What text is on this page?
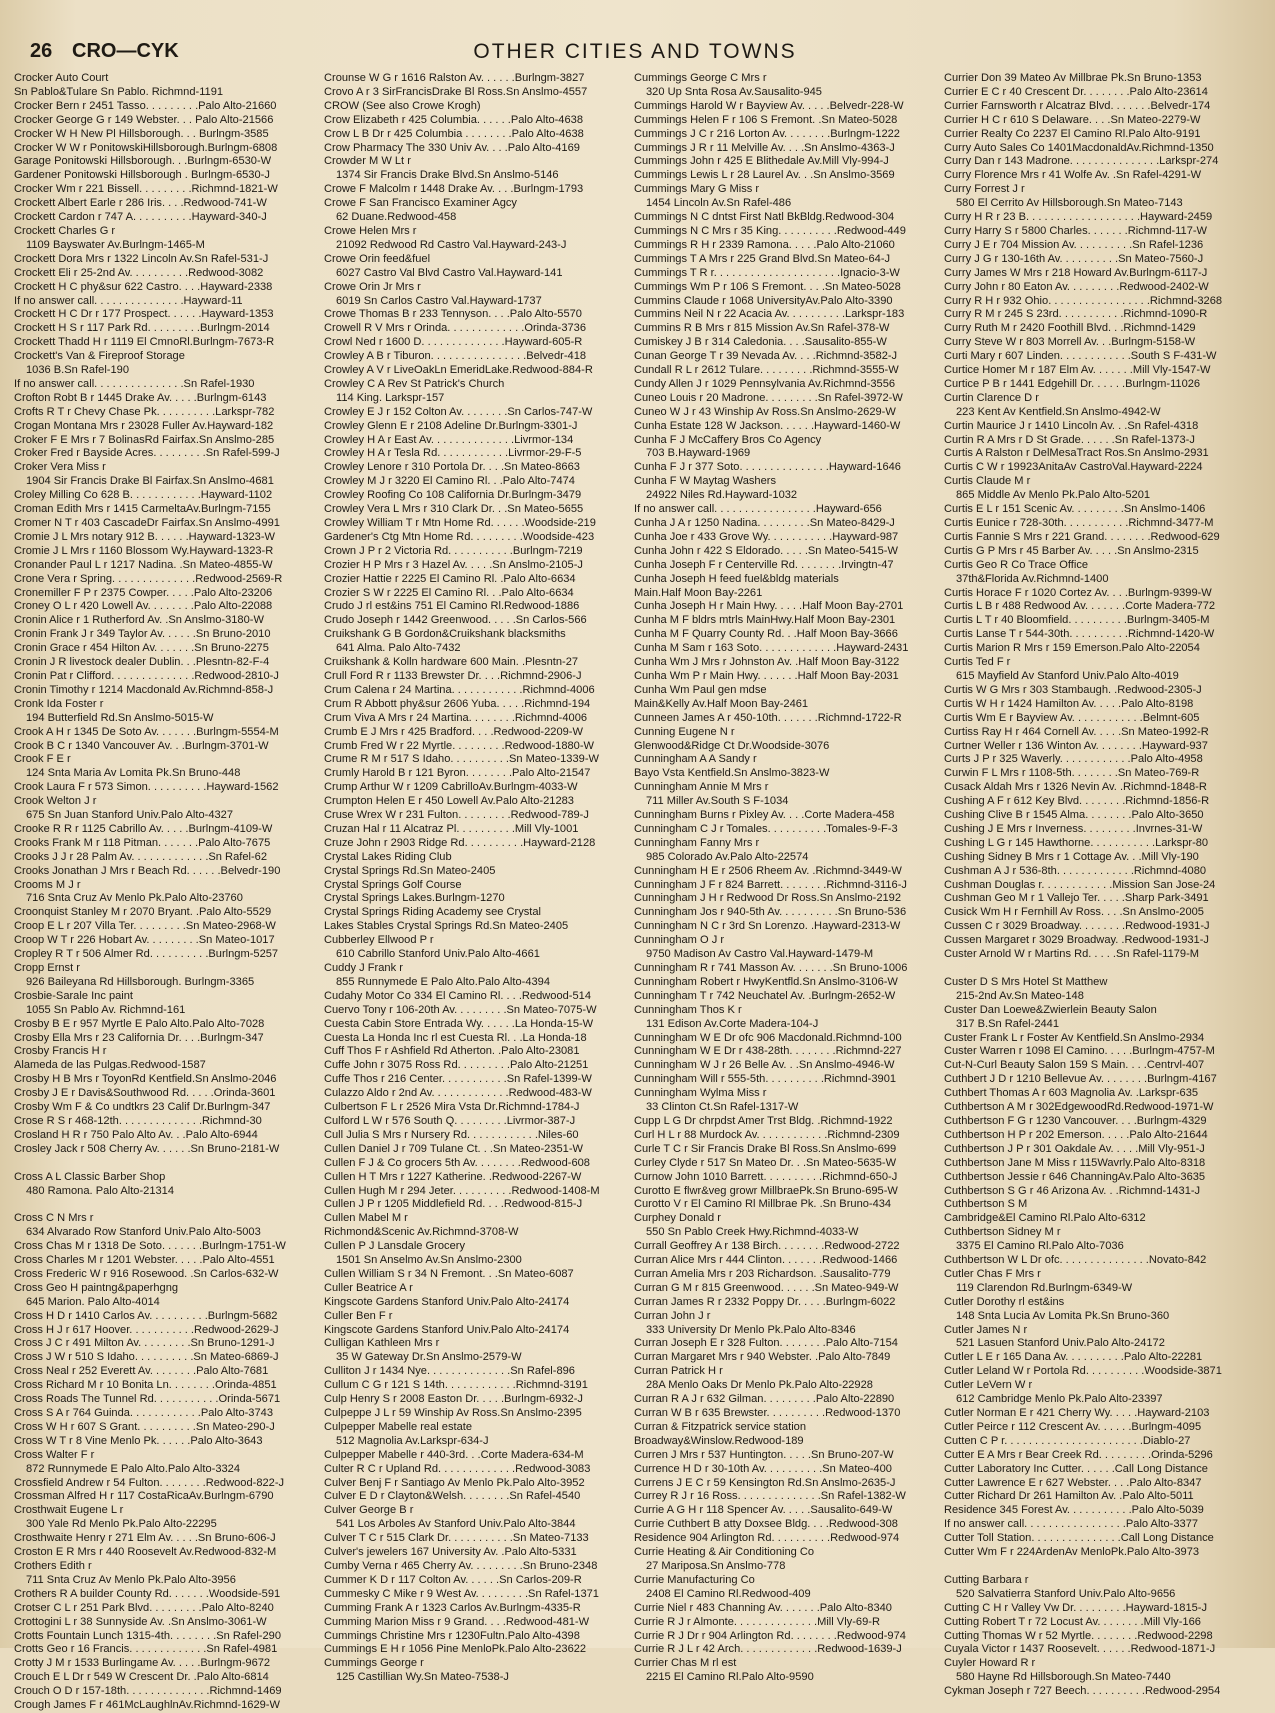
26 CRO—CYK	OTHER CITIES AND TOWNS
Crocker Auto Court
Sn Pablo&Tulare Sn Pablo. Richmnd-1191
Crocker Bern r 2451 Tasso. . . . . . . . .Palo Alto-21660
Crocker George G r 149 Webster. . . Palo Alto-21566
Crocker W H New Pl Hillsborough. . . Burlngm-3585
Crocker W W r PonitowskiHillsborough.Burlngm-6808
Garage Ponitowski Hillsborough. . .Burlngm-6530-W
Gardener Ponitowski Hillsborough . Burlngm-6530-J
Crocker Wm r 221 Bissell. . . . . . . . .Richmnd-1821-W
Crockett Albert Earle r 286 Iris. . . .Redwood-741-W
Crockett Cardon r 747 A. . . . . . . . . .Hayward-340-J
Crockett Charles G r
1109 Bayswater Av.Burlngm-1465-M
Crockett Dora Mrs r 1322 Lincoln Av.Sn Rafel-531-J
Crockett Eli r 25-2nd Av. . . . . . . . . .Redwood-3082
Crockett H C phy&sur 622 Castro. . . .Hayward-2338
If no answer call. . . . . . . . . . . . . . .Hayward-11
Crockett H C Dr r 177 Prospect. . . . . .Hayward-1353
Crockett H S r 117 Park Rd. . . . . . . . .Burlngm-2014
Crockett Thadd H r 1119 El CmnoRl.Burlngm-7673-R
Crockett's Van & Fireproof Storage
1036 B.Sn Rafel-190
If no answer call. . . . . . . . . . . . . . .Sn Rafel-1930
Crofton Robt B r 1445 Drake Av. . . . .Burlngm-6143
Crofts R T r Chevy Chase Pk. . . . . . . . . .Larkspr-782
Crogan Montana Mrs r 23028 Fuller Av.Hayward-182
Croker F E Mrs r 7 BolinasRd Fairfax.Sn Anslmo-285
Croker Fred r Bayside Acres. . . . . . . . .Sn Rafel-599-J
Croker Vera Miss r
1904 Sir Francis Drake Bl Fairfax.Sn Anslmo-4681
Croley Milling Co 628 B. . . . . . . . . . . .Hayward-1102
Croman Edith Mrs r 1415 CarmeltaAv.Burlngm-7155
Cromer N T r 403 CascadeDr Fairfax.Sn Anslmo-4991
Cromie J L Mrs notary 912 B. . . . . .Hayward-1323-W
Cromie J L Mrs r 1160 Blossom Wy.Hayward-1323-R
Cronander Paul L r 1217 Nadina. .Sn Mateo-4855-W
Crone Vera r Spring. . . . . . . . . . . . . .Redwood-2569-R
Cronemiller F P r 2375 Cowper. . . . .Palo Alto-23206
Croney O L r 420 Lowell Av. . . . . . . .Palo Alto-22088
Cronin Alice r 1 Rutherford Av. .Sn Anslmo-3180-W
Cronin Frank J r 349 Taylor Av. . . . . .Sn Bruno-2010
Cronin Grace r 454 Hilton Av. . . . . . .Sn Bruno-2275
Cronin J R livestock dealer Dublin. . .Plesntn-82-F-4
Cronin Pat r Clifford. . . . . . . . . . . . . .Redwood-2810-J
Cronin Timothy r 1214 Macdonald Av.Richmnd-858-J
Cronk Ida Foster r
194 Butterfield Rd.Sn Anslmo-5015-W
Crook A H r 1345 De Soto Av. . . . . . .Burlngm-5554-M
Crook B C r 1340 Vancouver Av. . .Burlngm-3701-W
Crook F E r
124 Snta Maria Av Lomita Pk.Sn Bruno-448
Crook Laura F r 573 Simon. . . . . . . . . .Hayward-1562
Crook Welton J r
675 Sn Juan Stanford Univ.Palo Alto-4327
Crooke R R r 1125 Cabrillo Av. . . . .Burlngm-4109-W
Crooks Frank M r 118 Pitman. . . . . . .Palo Alto-7675
Crooks J J r 28 Palm Av. . . . . . . . . . . . .Sn Rafel-62
Crooks Jonathan J Mrs r Beach Rd. . . . . .Belvedr-190
Crooms M J r
716 Snta Cruz Av Menlo Pk.Palo Alto-23760
Croonquist Stanley M r 2070 Bryant. .Palo Alto-5529
Croop E L r 207 Villa Ter. . . . . . . . .Sn Mateo-2968-W
Croop W T r 226 Hobart Av. . . . . . . . .Sn Mateo-1017
Cropley R T r 506 Almer Rd. . . . . . . . . .Burlngm-5257
Cropp Ernst r
926 Baileyana Rd Hillsborough. Burlngm-3365
Crosbie-Sarale Inc paint
1055 Sn Pablo Av. Richmnd-161
Crosby B E r 957 Myrtle E Palo Alto.Palo Alto-7028
Crosby Ella Mrs r 23 California Dr. . . .Burlngm-347
Crosby Francis H r
Alameda de las Pulgas.Redwood-1587
Crosby H B Mrs r ToyonRd Kentfield.Sn Anslmo-2046
Crosby J E r Davis&Southwood Rd. . . . .Orinda-3601
Crosby Wm F & Co undtkrs 23 Calif Dr.Burlngm-347
Crose R S r 468-12th. . . . . . . . . . . . . .Richmnd-30
Crosland H R r 750 Palo Alto Av. . .Palo Alto-6944
Crosley Jack r 508 Cherry Av. . . . . .Sn Bruno-2181-W

Cross A L Classic Barber Shop
480 Ramona. Palo Alto-21314

Cross C N Mrs r
634 Alvarado Row Stanford Univ.Palo Alto-5003
Cross Chas M r 1318 De Soto. . . . . . .Burlngm-1751-W
Cross Charles M r 1201 Webster. . . . .Palo Alto-4551
Cross Frederic W r 916 Rosewood. .Sn Carlos-632-W
Cross Geo H paintng&paperhgng
645 Marion. Palo Alto-4014
Cross H D r 1410 Carlos Av. . . . . . . . . .Burlngm-5682
Cross H J r 617 Hoover. . . . . . . . . . .Redwood-2629-J
Cross J C r 491 Milton Av. . . . . . . . .Sn Bruno-1291-J
Cross J W r 510 S Idaho. . . . . . . . . .Sn Mateo-6869-J
Cross Neal r 252 Everett Av. . . . . . . .Palo Alto-7681
Cross Richard M r 10 Bonita Ln. . . . . . . .Orinda-4851
Cross Roads The Tunnel Rd. . . . . . . . . . .Orinda-5671
Cross S A r 764 Guinda. . . . . . . . . . . .Palo Alto-3743
Cross W H r 607 S Grant. . . . . . . . . .Sn Mateo-290-J
Cross W T r 8 Vine Menlo Pk. . . . . .Palo Alto-3643
Cross Walter F r
872 Runnymede E Palo Alto.Palo Alto-3324
Crossfield Andrew r 54 Fulton. . . . . . . .Redwood-822-J
Crossman Alfred H r 117 CostaRicaAv.Burlngm-6790
Crosthwait Eugene L r
300 Yale Rd Menlo Pk.Palo Alto-22295
Crosthwaite Henry r 271 Elm Av. . . . .Sn Bruno-606-J
Croston E R Mrs r 440 Roosevelt Av.Redwood-832-M
Crothers Edith r
711 Snta Cruz Av Menlo Pk.Palo Alto-3956
Crothers R A builder County Rd. . . . . . .Woodside-591
Crotser C L r 251 Park Blvd. . . . . . . . .Palo Alto-8240
Crottogini L r 38 Sunnyside Av. .Sn Anslmo-3061-W
Crotts Fountain Lunch 1315-4th. . . . . . . .Sn Rafel-290
Crotts Geo r 16 Francis. . . . . . . . . . . . .Sn Rafel-4981
Crotty J M r 1533 Burlingame Av. . . . .Burlngm-9672
Crouch E L Dr r 549 W Crescent Dr. .Palo Alto-6814
Crouch O D r 157-18th. . . . . . . . . . . . . .Richmnd-1469
Crough James F r 461McLaughlnAv.Richmnd-1629-W
Crounse W G r 1616 Ralston Av. . . . . .Burlngm-3827
Crovo A r 3 SirFrancisDrake Bl Ross.Sn Anslmo-4557
CROW (See also Crowe Krogh)
Crow Elizabeth r 425 Columbia. . . . . .Palo Alto-4638
Crow L B Dr r 425 Columbia . . . . . . . .Palo Alto-4638
Crow Pharmacy The 330 Univ Av. . . .Palo Alto-4169
Crowder M W Lt r
1374 Sir Francis Drake Blvd.Sn Anslmo-5146
Crowe F Malcolm r 1448 Drake Av. . . .Burlngm-1793
Crowe F San Francisco Examiner Agcy
62 Duane.Redwood-458
Crowe Helen Mrs r
21092 Redwood Rd Castro Val.Hayward-243-J
Crowe Orin feed&fuel
6027 Castro Val Blvd Castro Val.Hayward-141
Crowe Orin Jr Mrs r
6019 Sn Carlos Castro Val.Hayward-1737
Crowe Thomas B r 233 Tennyson. . . .Palo Alto-5570
Crowell R V Mrs r Orinda. . . . . . . . . . . . .Orinda-3736
Crowl Ned r 1600 D. . . . . . . . . . . . . .Hayward-605-R
Crowley A B r Tiburon. . . . . . . . . . . . . . . .Belvedr-418
Crowley A V r LiveOakLn EmeridLake.Redwood-884-R
Crowley C A Rev St Patrick's Church
114 King. Larkspr-157
Crowley E J r 152 Colton Av. . . . . . . .Sn Carlos-747-W
Crowley Glenn E r 2108 Adeline Dr.Burlngm-3301-J
Crowley H A r East Av. . . . . . . . . . . . . .Livrmor-134
Crowley H A r Tesla Rd. . . . . . . . . . . .Livrmor-29-F-5
Crowley Lenore r 310 Portola Dr. . . .Sn Mateo-8663
Crowley M J r 3220 El Camino Rl. . .Palo Alto-7474
Crowley Roofing Co 108 California Dr.Burlngm-3479
Crowley Vera L Mrs r 310 Clark Dr. . .Sn Mateo-5655
Crowley William T r Mtn Home Rd. . . . . .Woodside-219
Gardener's Ctg Mtn Home Rd. . . . . . . . .Woodside-423
Crown J P r 2 Victoria Rd. . . . . . . . . . .Burlngm-7219
Crozier H P Mrs r 3 Hazel Av. . . . .Sn Anslmo-2105-J
Crozier Hattie r 2225 El Camino Rl. .Palo Alto-6634
Crozier S W r 2225 El Camino Rl. . .Palo Alto-6634
Crudo J rl est&ins 751 El Camino Rl.Redwood-1886
Crudo Joseph r 1442 Greenwood. . . . .Sn Carlos-566
Cruikshank G B Gordon&Cruikshank blacksmiths
641 Alma. Palo Alto-7432
Cruikshank & Kolln hardware 600 Main. .Plesntn-27
Crull Ford R r 1133 Brewster Dr. . . .Richmnd-2906-J
Crum Calena r 24 Martina. . . . . . . . . . . .Richmnd-4006
Crum R Abbott phy&sur 2606 Yuba. . . . .Richmnd-194
Crum Viva A Mrs r 24 Martina. . . . . . . .Richmnd-4006
Crumb E J Mrs r 425 Bradford. . . .Redwood-2209-W
Crumb Fred W r 22 Myrtle. . . . . . . . .Redwood-1880-W
Crume R M r 517 S Idaho. . . . . . . . . .Sn Mateo-1339-W
Crumly Harold B r 121 Byron. . . . . . . .Palo Alto-21547
Crump Arthur W r 1209 CabrilloAv.Burlngm-4033-W
Crumpton Helen E r 450 Lowell Av.Palo Alto-21283
Cruse Wrex W r 231 Fulton. . . . . . . . .Redwood-789-J
Cruzan Hal r 11 Alcatraz Pl. . . . . . . . . .Mill Vly-1001
Cruze John r 2903 Ridge Rd. . . . . . . . . .Hayward-2128
Crystal Lakes Riding Club
Crystal Springs Rd.Sn Mateo-2405
Crystal Springs Golf Course
Crystal Springs Lakes.Burlngm-1270
Crystal Springs Riding Academy see Crystal
Lakes Stables Crystal Springs Rd.Sn Mateo-2405
Cubberley Ellwood P r
610 Cabrillo Stanford Univ.Palo Alto-4661
Cuddy J Frank r
855 Runnymede E Palo Alto.Palo Alto-4394
Cudahy Motor Co 334 El Camino Rl. . . .Redwood-514
Cuervo Tony r 106-20th Av. . . . . . . . .Sn Mateo-7075-W
Cuesta Cabin Store Entrada Wy. . . . . .La Honda-15-W
Cuesta La Honda Inc rl est Cuesta Rl. . .La Honda-18
Cuff Thos F r Ashfield Rd Atherton. .Palo Alto-23081
Cuffe John r 3075 Ross Rd. . . . . . . . .Palo Alto-21251
Cuffe Thos r 216 Center. . . . . . . . . . .Sn Rafel-1399-W
Culazzo Aldo r 2nd Av. . . . . . . . . . . . .Redwood-483-W
Culbertson F L r 2526 Mira Vsta Dr.Richmnd-1784-J
Culford L W r 576 South Q. . . . . . . . .Livrmor-387-J
Cull Julia S Mrs r Nursery Rd. . . . . . . . . . . .Niles-60
Cullen Daniel J r 709 Tulane Ct. . .Sn Mateo-2351-W
Cullen F J & Co grocers 5th Av. . . . . . . .Redwood-608
Cullen H T Mrs r 1227 Katherine. .Redwood-2267-W
Cullen Hugh M r 294 Jeter. . . . . . . . . .Redwood-1408-M
Cullen J P r 1205 Middlefield Rd. . . .Redwood-815-J
Cullen Mabel M r
Richmond&Scenic Av.Richmnd-3708-W
Cullen P J Lansdale Grocery
1501 Sn Anselmo Av.Sn Anslmo-2300
Cullen William S r 34 N Fremont. . .Sn Mateo-6087
Culler Beatrice A r
Kingscote Gardens Stanford Univ.Palo Alto-24174
Culler Ben F r
Kingscote Gardens Stanford Univ.Palo Alto-24174
Culligan Kathleen Mrs r
35 W Gateway Dr.Sn Anslmo-2579-W
Culliton J r 1434 Nye. . . . . . . . . . . . . .Sn Rafel-896
Cullum C G r 121 S 14th. . . . . . . . . . . .Richmnd-3191
Culp Henry S r 2008 Easton Dr. . . . .Burlngm-6932-J
Culpeppe J L r 59 Winship Av Ross.Sn Anslmo-2395
Culpepper Mabelle real estate
512 Magnolia Av.Larkspr-634-J
Culpepper Mabelle r 440-3rd. . .Corte Madera-634-M
Culter R C r Upland Rd. . . . . . . . . . . . .Redwood-3083
Culver Benj F r Santiago Av Menlo Pk.Palo Alto-3952
Culver E D r Clayton&Welsh. . . . . . . .Sn Rafel-4540
Culver George B r
541 Los Arboles Av Stanford Univ.Palo Alto-3844
Culver T C r 515 Clark Dr. . . . . . . . . . .Sn Mateo-7133
Culver's jewelers 167 University Av. .Palo Alto-5331
Cumby Verna r 465 Cherry Av. . . . . . . . .Sn Bruno-2348
Cummer K D r 117 Colton Av. . . . . .Sn Carlos-209-R
Cummesky C Mike r 9 West Av. . . . . . . . .Sn Rafel-1371
Cumming Frank A r 1323 Carlos Av.Burlngm-4335-R
Cumming Marion Miss r 9 Grand. . . .Redwood-481-W
Cummings Christine Mrs r 1230Fultn.Palo Alto-4398
Cummings E H r 1056 Pine MenloPk.Palo Alto-23622
Cummings George r
125 Castillian Wy.Sn Mateo-7538-J
Cummings George C Mrs r
320 Up Snta Rosa Av.Sausalito-945
Cummings Harold W r Bayview Av. . . . .Belvedr-228-W
Cummings Helen F r 106 S Fremont. .Sn Mateo-5028
Cummings J C r 216 Lorton Av. . . . . . . .Burlngm-1222
Cummings J R r 11 Melville Av. . . .Sn Anslmo-4363-J
Cummings John r 425 E Blithedale Av.Mill Vly-994-J
Cummings Lewis L r 28 Laurel Av. . .Sn Anslmo-3569
Cummings Mary G Miss r
1454 Lincoln Av.Sn Rafel-486
Cummings N C dntst First Natl BkBldg.Redwood-304
Cummings N C Mrs r 35 King. . . . . . . . . .Redwood-449
Cummings R H r 2339 Ramona. . . . .Palo Alto-21060
Cummings T A Mrs r 225 Grand Blvd.Sn Mateo-64-J
Cummings T R r. . . . . . . . . . . . . . . . . . . . .Ignacio-3-W
Cummings Wm P r 106 S Fremont. . . .Sn Mateo-5028
Cummins Claude r 1068 UniversityAv.Palo Alto-3390
Cummins Neil N r 22 Acacia Av. . . . . . . . . .Larkspr-183
Cummins R B Mrs r 815 Mission Av.Sn Rafel-378-W
Cumiskey J B r 314 Caledonia. . . .Sausalito-855-W
Cunan George T r 39 Nevada Av. . . .Richmnd-3582-J
Cundall R L r 2612 Tulare. . . . . . . . .Richmnd-3555-W
Cundy Allen J r 1029 Pennsylvania Av.Richmnd-3556
Cuneo Louis r 20 Madrone. . . . . . . . .Sn Rafel-3972-W
Cuneo W J r 43 Winship Av Ross.Sn Anslmo-2629-W
Cunha Estate 128 W Jackson. . . . . .Hayward-1460-W
Cunha F J McCaffery Bros Co Agency
703 B.Hayward-1969
Cunha F J r 377 Soto. . . . . . . . . . . . . . .Hayward-1646
Cunha F W Maytag Washers
24922 Niles Rd.Hayward-1032
If no answer call. . . . . . . . . . . . . . . . .Hayward-656
Cunha J A r 1250 Nadina. . . . . . . . .Sn Mateo-8429-J
Cunha Joe r 433 Grove Wy. . . . . . . . . . .Hayward-987
Cunha John r 422 S Eldorado. . . . .Sn Mateo-5415-W
Cunha Joseph F r Centerville Rd. . . . . . . .Irvingtn-47
Cunha Joseph H feed fuel&bldg materials
Main.Half Moon Bay-2261
Cunha Joseph H r Main Hwy. . . . .Half Moon Bay-2701
Cunha M F bldrs mtrls MainHwy.Half Moon Bay-2301
Cunha M F Quarry County Rd. . .Half Moon Bay-3666
Cunha M Sam r 163 Soto. . . . . . . . . . . . .Hayward-2431
Cunha Wm J Mrs r Johnston Av. .Half Moon Bay-3122
Cunha Wm P r Main Hwy. . . . . . .Half Moon Bay-2031
Cunha Wm Paul gen mdse
Main&Kelly Av.Half Moon Bay-2461
Cunneen James A r 450-10th. . . . . . .Richmnd-1722-R
Cunning Eugene N r
Glenwood&Ridge Ct Dr.Woodside-3076
Cunningham A A Sandy r
Bayo Vsta Kentfield.Sn Anslmo-3823-W
Cunningham Annie M Mrs r
711 Miller Av.South S F-1034
Cunningham Burns r Pixley Av. . . .Corte Madera-458
Cunningham C J r Tomales. . . . . . . . . .Tomales-9-F-3
Cunningham Fanny Mrs r
985 Colorado Av.Palo Alto-22574
Cunningham H E r 2506 Rheem Av. .Richmnd-3449-W
Cunningham J F r 824 Barrett. . . . . . . .Richmnd-3116-J
Cunningham J H r Redwood Dr Ross.Sn Anslmo-2192
Cunningham Jos r 940-5th Av. . . . . . . . . .Sn Bruno-536
Cunningham N C r 3rd Sn Lorenzo. .Hayward-2313-W
Cunningham O J r
9750 Madison Av Castro Val.Hayward-1479-M
Cunningham R r 741 Masson Av. . . . . . .Sn Bruno-1006
Cunningham Robert r HwyKentfld.Sn Anslmo-3106-W
Cunningham T r 742 Neuchatel Av. .Burlngm-2652-W
Cunningham Thos K r
131 Edison Av.Corte Madera-104-J
Cunningham W E Dr ofc 906 Macdonald.Richmnd-100
Cunningham W E Dr r 438-28th. . . . . . . .Richmnd-227
Cunningham W J r 26 Belle Av. . .Sn Anslmo-4946-W
Cunningham Will r 555-5th. . . . . . . . . .Richmnd-3901
Cunningham Wylma Miss r
33 Clinton Ct.Sn Rafel-1317-W
Cupp L G Dr chrpdst Amer Trst Bldg. .Richmnd-1922
Curl H L r 88 Murdock Av. . . . . . . . . . . .Richmnd-2309
Curle T C r Sir Francis Drake Bl Ross.Sn Anslmo-699
Curley Clyde r 517 Sn Mateo Dr. . .Sn Mateo-5635-W
Curnow John 1010 Barrett. . . . . . . . . .Richmnd-650-J
Curotto E flwr&veg growr MillbraePk.Sn Bruno-695-W
Curotto V r El Camino Rl Millbrae Pk. .Sn Bruno-434
Curphey Donald r
550 Sn Pablo Creek Hwy.Richmnd-4033-W
Currall Geoffrey A r 138 Birch. . . . . . . .Redwood-2722
Curran Alice Mrs r 444 Clinton. . . . . . .Redwood-1466
Curran Amelia Mrs r 203 Richardson. .Sausalito-779
Curran G M r 815 Greenwood. . . . . .Sn Mateo-949-W
Curran James R r 2332 Poppy Dr. . . . .Burlngm-6022
Curran John J r
333 University Dr Menlo Pk.Palo Alto-8346
Curran Joseph E r 328 Fulton. . . . . . . .Palo Alto-7154
Curran Margaret Mrs r 940 Webster. .Palo Alto-7849
Curran Patrick H r
28A Menlo Oaks Dr Menlo Pk.Palo Alto-22928
Curran R A J r 632 Gilman. . . . . . . . .Palo Alto-22890
Curran W B r 635 Brewster. . . . . . . . . .Redwood-1370
Curran & Fitzpatrick service station
Broadway&Winslow.Redwood-189
Curren J Mrs r 537 Huntington. . . . .Sn Bruno-207-W
Currence H D r 30-10th Av. . . . . . . . . .Sn Mateo-400
Currens J E C r 59 Kensington Rd.Sn Anslmo-2635-J
Currey R J r 16 Ross. . . . . . . . . . . . . .Sn Rafel-1382-W
Currie A G H r 118 Spencer Av. . . . .Sausalito-649-W
Currie Cuthbert B atty Doxsee Bldg. . . .Redwood-308
Residence 904 Arlington Rd. . . . . . . . . .Redwood-974
Currie Heating & Air Conditioning Co
27 Mariposa.Sn Anslmo-778
Currie Manufacturing Co
2408 El Camino Rl.Redwood-409
Currie Niel r 483 Channing Av. . . . . . .Palo Alto-8340
Currie R J r Almonte. . . . . . . . . . . . . .Mill Vly-69-R
Currie R J Dr r 904 Arlington Rd. . . . . . . .Redwood-974
Currie R J L r 42 Arch. . . . . . . . . . . . .Redwood-1639-J
Currier Chas M rl est
2215 El Camino Rl.Palo Alto-9590
Currier Don 39 Mateo Av Millbrae Pk.Sn Bruno-1353
Currier E C r 40 Crescent Dr. . . . . . . .Palo Alto-23614
Currier Farnsworth r Alcatraz Blvd. . . . . . .Belvedr-174
Currier H C r 610 S Delaware. . . .Sn Mateo-2279-W
Currier Realty Co 2237 El Camino Rl.Palo Alto-9191
Curry Auto Sales Co 1401MacdonaldAv.Richmnd-1350
Curry Dan r 143 Madrone. . . . . . . . . . . . . . .Larkspr-274
Curry Florence Mrs r 41 Wolfe Av. .Sn Rafel-4291-W
Curry Forrest J r
580 El Cerrito Av Hillsborough.Sn Mateo-7143
Curry H R r 23 B. . . . . . . . . . . . . . . . . . .Hayward-2459
Curry Harry S r 5800 Charles. . . . . . .Richmnd-117-W
Curry J E r 704 Mission Av. . . . . . . . . .Sn Rafel-1236
Curry J G r 130-16th Av. . . . . . . . . .Sn Mateo-7560-J
Curry James W Mrs r 218 Howard Av.Burlngm-6117-J
Curry John r 80 Eaton Av. . . . . . . . .Redwood-2402-W
Curry R H r 932 Ohio. . . . . . . . . . . . . . . . .Richmnd-3268
Curry R M r 245 S 23rd. . . . . . . . . . .Richmnd-1090-R
Curry Ruth M r 2420 Foothill Blvd. . .Richmnd-1429
Curry Steve W r 803 Morrell Av. . .Burlngm-5158-W
Curti Mary r 607 Linden. . . . . . . . . . . .South S F-431-W
Curtice Homer M r 187 Elm Av. . . . . . .Mill Vly-1547-W
Curtice P B r 1441 Edgehill Dr. . . . . .Burlngm-11026
Curtin Clarence D r
223 Kent Av Kentfield.Sn Anslmo-4942-W
Curtin Maurice J r 1410 Lincoln Av. . .Sn Rafel-4318
Curtin R A Mrs r D St Grade. . . . . .Sn Rafel-1373-J
Curtis A Ralston r DelMesaTract Ros.Sn Anslmo-2931
Curtis C W r 19923AnitaAv CastroVal.Hayward-2224
Curtis Claude M r
865 Middle Av Menlo Pk.Palo Alto-5201
Curtis E L r 151 Scenic Av. . . . . . . . .Sn Anslmo-1406
Curtis Eunice r 728-30th. . . . . . . . . . .Richmnd-3477-M
Curtis Fannie S Mrs r 221 Grand. . . . . . . .Redwood-629
Curtis G P Mrs r 45 Barber Av. . . . .Sn Anslmo-2315
Curtis Geo R Co Trace Office
37th&Florida Av.Richmnd-1400
Curtis Horace F r 1020 Cortez Av. . . .Burlngm-9399-W
Curtis L B r 488 Redwood Av. . . . . . .Corte Madera-772
Curtis L T r 40 Bloomfield. . . . . . . . . .Burlngm-3405-M
Curtis Lanse T r 544-30th. . . . . . . . . .Richmnd-1420-W
Curtis Marion R Mrs r 159 Emerson.Palo Alto-22054
Curtis Ted F r
615 Mayfield Av Stanford Univ.Palo Alto-4019
Curtis W G Mrs r 303 Stambaugh. .Redwood-2305-J
Curtis W H r 1424 Hamilton Av. . . . .Palo Alto-8198
Curtis Wm E r Bayview Av. . . . . . . . . . . .Belmnt-605
Curtiss Ray H r 464 Cornell Av. . . . .Sn Mateo-1992-R
Curtner Weller r 136 Winton Av. . . . . . . .Hayward-937
Curts J P r 325 Waverly. . . . . . . . . . . .Palo Alto-4958
Curwin F L Mrs r 1108-5th. . . . . . . .Sn Mateo-769-R
Cusack Aldah Mrs r 1326 Nevin Av. .Richmnd-1848-R
Cushing A F r 612 Key Blvd. . . . . . . .Richmnd-1856-R
Cushing Clive B r 1545 Alma. . . . . . . .Palo Alto-3650
Cushing J E Mrs r Inverness. . . . . . . . .Invrnes-31-W
Cushing L G r 145 Hawthorne. . . . . . . . . . .Larkspr-80
Cushing Sidney B Mrs r 1 Cottage Av. . .Mill Vly-190
Cushman A J r 536-8th. . . . . . . . . . . . .Richmnd-4080
Cushman Douglas r. . . . . . . . . . . .Mission San Jose-24
Cushman Geo M r 1 Vallejo Ter. . . . .Sharp Park-3491
Cusick Wm H r Fernhill Av Ross. . . .Sn Anslmo-2005
Cussen C r 3029 Broadway. . . . . . . .Redwood-1931-J
Cussen Margaret r 3029 Broadway. .Redwood-1931-J
Custer Arnold W r Martins Rd. . . . .Sn Rafel-1179-M

Custer D S Mrs Hotel St Matthew
215-2nd Av.Sn Mateo-148
Custer Dan Loewe&Zwierlein Beauty Salon
317 B.Sn Rafel-2441
Custer Frank L r Foster Av Kentfield.Sn Anslmo-2934
Custer Warren r 1098 El Camino. . . . .Burlngm-4757-M
Cut-N-Curl Beauty Salon 159 S Main. . . .Centrvl-407
Cuthbert J D r 1210 Bellevue Av. . . . . . . .Burlngm-4167
Cuthbert Thomas A r 603 Magnolia Av. .Larkspr-635
Cuthbertson A M r 302EdgewoodRd.Redwood-1971-W
Cuthbertson F G r 1230 Vancouver. . . .Burlngm-4329
Cuthbertson H P r 202 Emerson. . . . .Palo Alto-21644
Cuthbertson J P r 301 Oakdale Av. . . . .Mill Vly-951-J
Cuthbertson Jane M Miss r 115Wavrly.Palo Alto-8318
Cuthbertson Jessie r 646 ChanningAv.Palo Alto-3635
Cuthbertson S G r 46 Arizona Av. . .Richmnd-1431-J
Cuthbertson S M
Cambridge&El Camino Rl.Palo Alto-6312
Cuthbertson Sidney M r
3375 El Camino Rl.Palo Alto-7036
Cuthbertson W L Dr ofc. . . . . . . . . . . . . . .Novato-842
Cutler Chas F Mrs r
119 Clarendon Rd.Burlngm-6349-W
Cutler Dorothy rl est&ins
148 Snta Lucia Av Lomita Pk.Sn Bruno-360
Cutler James N r
521 Lasuen Stanford Univ.Palo Alto-24172
Cutler L E r 165 Dana Av. . . . . . . . . .Palo Alto-22281
Cutler Leland W r Portola Rd. . . . . . . . . .Woodside-3871
Cutler LeVern W r
612 Cambridge Menlo Pk.Palo Alto-23397
Cutler Norman E r 421 Cherry Wy. . . . .Hayward-2103
Cutler Peirce r 112 Crescent Av. . . . . .Burlngm-4095
Cutten C P r. . . . . . . . . . . . . . . . . . . . . . .Diablo-27
Cutter E A Mrs r Bear Creek Rd. . . . . . . . .Orinda-5296
Cutter Laboratory Inc Cutter. . . . . .Call Long Distance
Cutter Lawrence E r 627 Webster. . . .Palo Alto-8347
Cutter Richard Dr 261 Hamilton Av. .Palo Alto-5011
Residence 345 Forest Av. . . . . . . . . . .Palo Alto-5039
If no answer call. . . . . . . . . . . . . . . . .Palo Alto-3377
Cutter Toll Station. . . . . . . . . . . . . . .Call Long Distance
Cutter Wm F r 224ArdenAv MenloPk.Palo Alto-3973

Cutting Barbara r
520 Salvatierra Stanford Univ.Palo Alto-9656
Cutting C H r Valley Vw Dr. . . . . . . . .Hayward-1815-J
Cutting Robert T r 72 Locust Av. . . . . . . .Mill Vly-166
Cutting Thomas W r 52 Myrtle. . . . . . . .Redwood-2298
Cuyala Victor r 1437 Roosevelt. . . . . .Redwood-1871-J
Cuyler Howard R r
580 Hayne Rd Hillsborough.Sn Mateo-7440
Cykman Joseph r 727 Beech. . . . . . . . . .Redwood-2954
